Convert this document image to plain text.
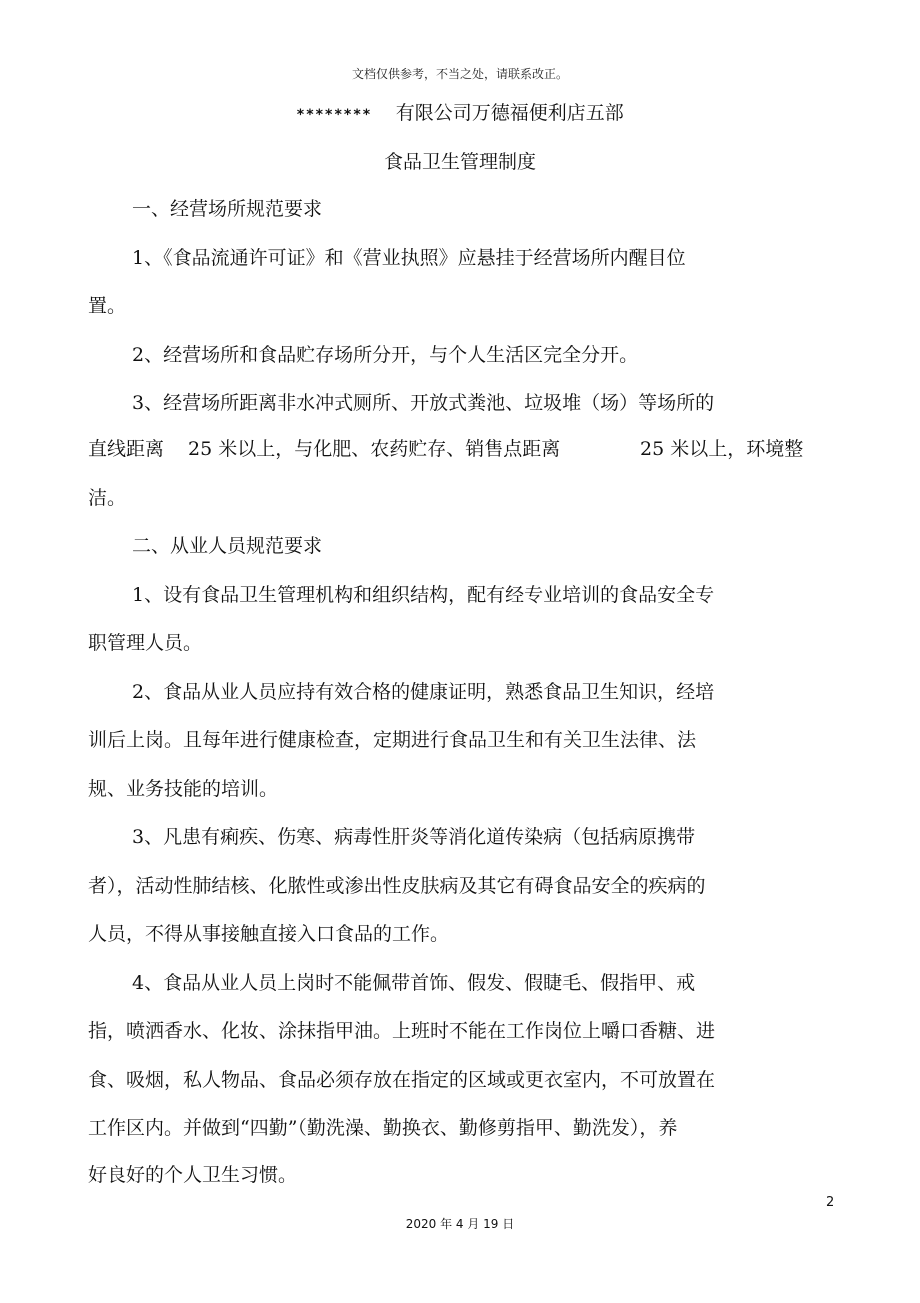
文档仅供参考，不当之处，请联系改正。
******** 有限公司万德福便利店五部
食品卫生管理制度
一、经营场所规范要求
1、《食品流通许可证》和《营业执照》应悬挂于经营场所内醒目位
置。
2、经营场所和食品贮存场所分开，与个人生活区完全分开。
3、经营场所距离非水冲式厕所、开放式粪池、垃圾堆（场）等场所的
直线距离 25 米以上，与化肥、农药贮存、销售点距离	25 米以上，环境整
洁。
二、从业人员规范要求
1、设有食品卫生管理机构和组织结构，配有经专业培训的食品安全专
职管理人员。
2、食品从业人员应持有效合格的健康证明，熟悉食品卫生知识，经培
训后上岗。且每年进行健康检查，定期进行食品卫生和有关卫生法律、法
规、业务技能的培训。
3、凡患有痢疾、伤寒、病毒性肝炎等消化道传染病（包括病原携带
者），活动性肺结核、化脓性或渗出性皮肤病及其它有碍食品安全的疾病的
人员，不得从事接触直接入口食品的工作。
4、食品从业人员上岗时不能佩带首饰、假发、假睫毛、假指甲、戒
指，喷洒香水、化妆、涂抹指甲油。上班时不能在工作岗位上嚼口香糖、进
食、吸烟，私人物品、食品必须存放在指定的区域或更衣室内，不可放置在
工作区内。并做到“四勤”（勤洗澡、勤换衣、勤修剪指甲、勤洗发），养
好良好的个人卫生习惯。
2
2020 年 4 月 19 日
